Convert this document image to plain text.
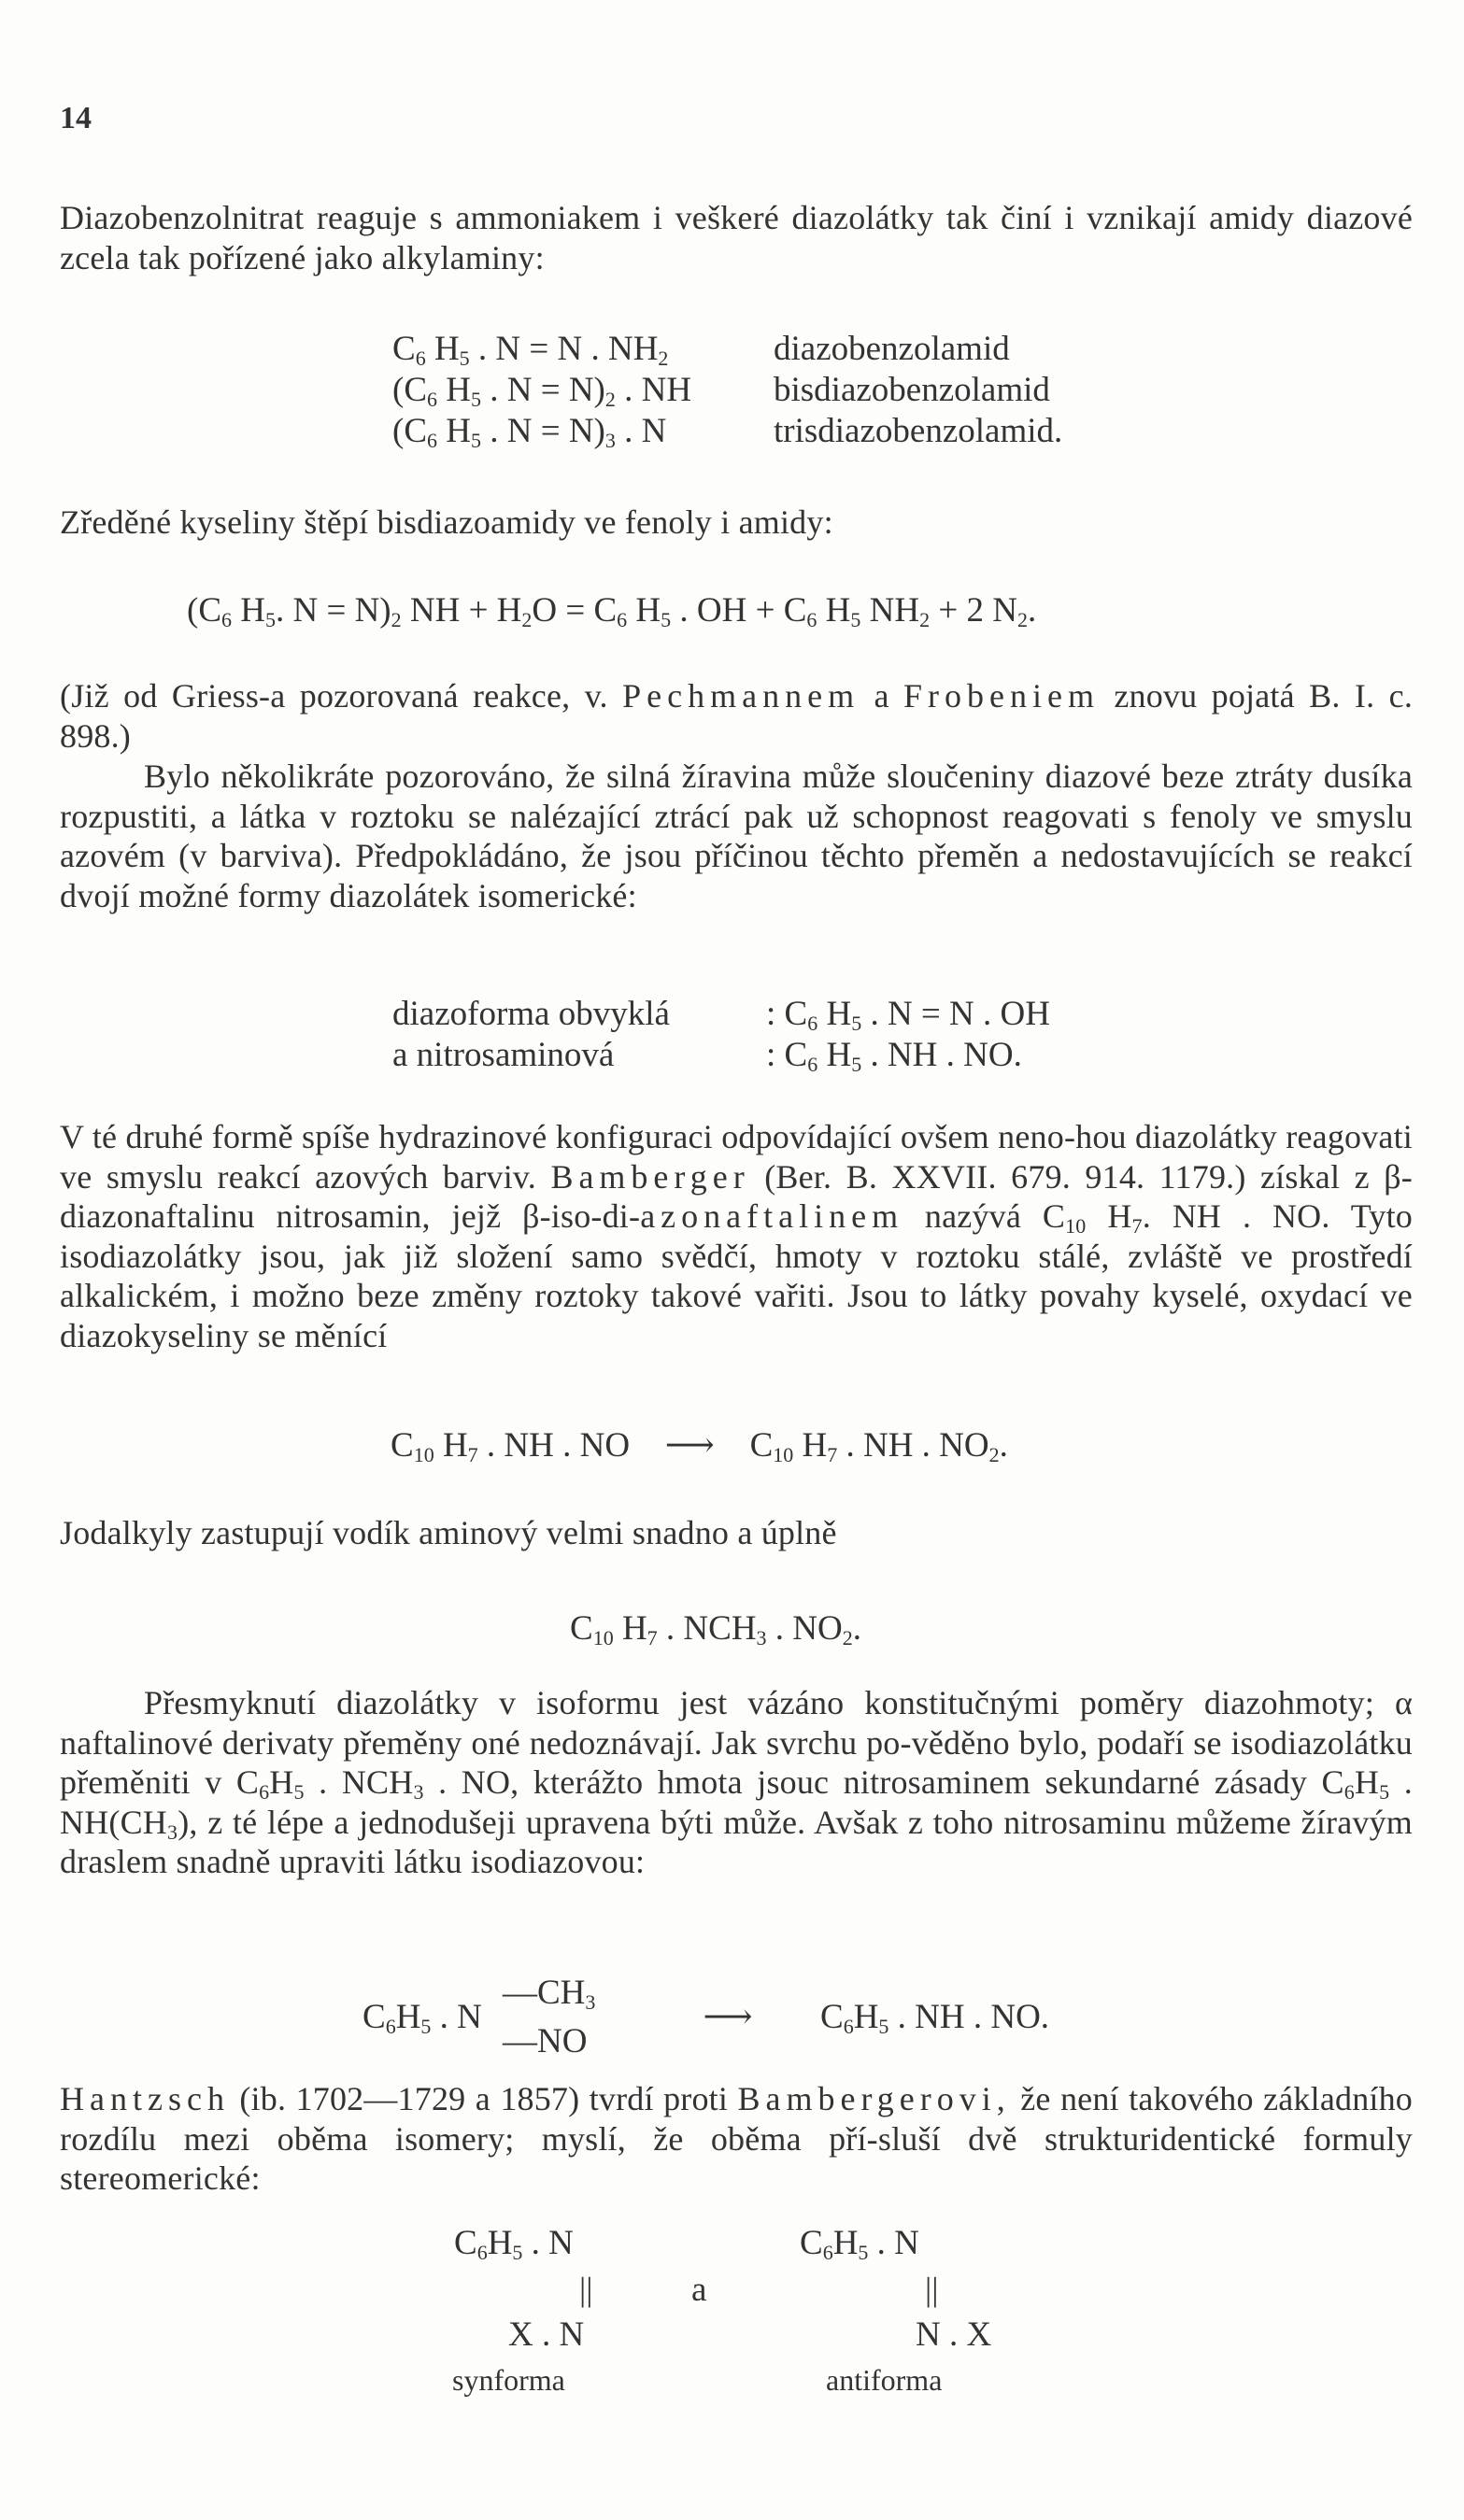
14

Diazobenzolnitrat reaguje s ammoniakem i veškeré diazolátky tak činí i vznikají amidy diazové zcela tak pořízené jako alkylaminy:

$C_6$ $H_5$ . N = N . $NH_2$	diazobenzolamid
($C_6$ $H_5$ . $N = N)_2$ . NH	bisdiazobenzolamid
($C_6$ $H_5$ . $N = N)_3$ . N	trisdiazobenzolamid.

Zředěné kyseliny štěpí bisdiazoamidy ve fenoly i amidy:

($C_6$ $H_5$. $N = N)_2$ NH + $H_2O = C_6$ $H_5$ . OH + $C_6$ $H_5$ $NH_2 + 2$ $N_2$.

(Již od Griess-a pozorovaná reakce, v. Pechmannem a Frobeniem znovu pojatá B. I. c. 898.)

Bylo několikráte pozorováno, že silná žíravina může sloučeniny diazové beze ztráty dusíka rozpustiti, a látka v roztoku se nalézající ztrácí pak už schopnost reagovati s fenoly ve smyslu azovém (v barviva). Předpokládáno, že jsou příčinou těchto přeměn a nedostavujících se reakcí dvojí možné formy diazolátek isomerické:

diazoforma obvyklá	: $C_6$ $H_5$ . N = N . OH
a nitrosaminová	: $C_6$ $H_5$ . NH . NO.

V té druhé formě spíše hydrazinové konfiguraci odpovídající ovšem neno-hou diazolátky reagovati ve smyslu reakcí azových barviv. Bamberger (Ber. B. XXVII. 679. 914. 1179.) získal z β-diazonaftalinu nitrosamin, jejž β-iso-di-azonaftalinem nazývá $C_{10}$ $H_7$. NH . NO. Tyto isodiazolátky jsou, jak již složení samo svědčí, hmoty v roztoku stálé, zvláště ve prostředí alkalickém, i možno beze změny roztoky takové vařiti. Jsou to látky povahy kyselé, oxydací ve diazokyseliny se měnící

$C_{10}$ $H_7$ . NH . NO ⟶ $C_{10}$ $H_7$ . NH . $NO_2$.

Jodalkyly zastupují vodík aminový velmi snadno a úplně

$C_{10}$ $H_7$ . $NCH_3$ . $NO_2$.

Přesmyknutí diazolátky v isoformu jest vázáno konstitučnými poměry diazohmoty; α naftalinové derivaty přeměny oné nedoznávají. Jak svrchu po-věděno bylo, podaří se isodiazolátku přeměniti v $C_6H_5$ . $NCH_3$ . NO, kterážto hmota jsouc nitrosaminem sekundarné zásady $C_6H_5$ . $NH(CH_3)$, z té lépe a jednodušeji upravena býti může. Avšak z toho nitrosaminu můžeme žíravým draslem snadně upraviti látku isodiazovou:

$C_6H_5$ . N
$—CH_3$
—NO
⟶	$C_6H_5$ . NH . NO.

Hantzsch (ib. 1702—1729 a 1857) tvrdí proti Bambergerovi, že není takového základního rozdílu mezi oběma isomery; myslí, že oběma pří-sluší dvě strukturidentické formuly stereomerické:

$C_6H_5$ . N
||
X . N
synforma
a
$C_6H_5$ . N
||
N . X
antiforma
